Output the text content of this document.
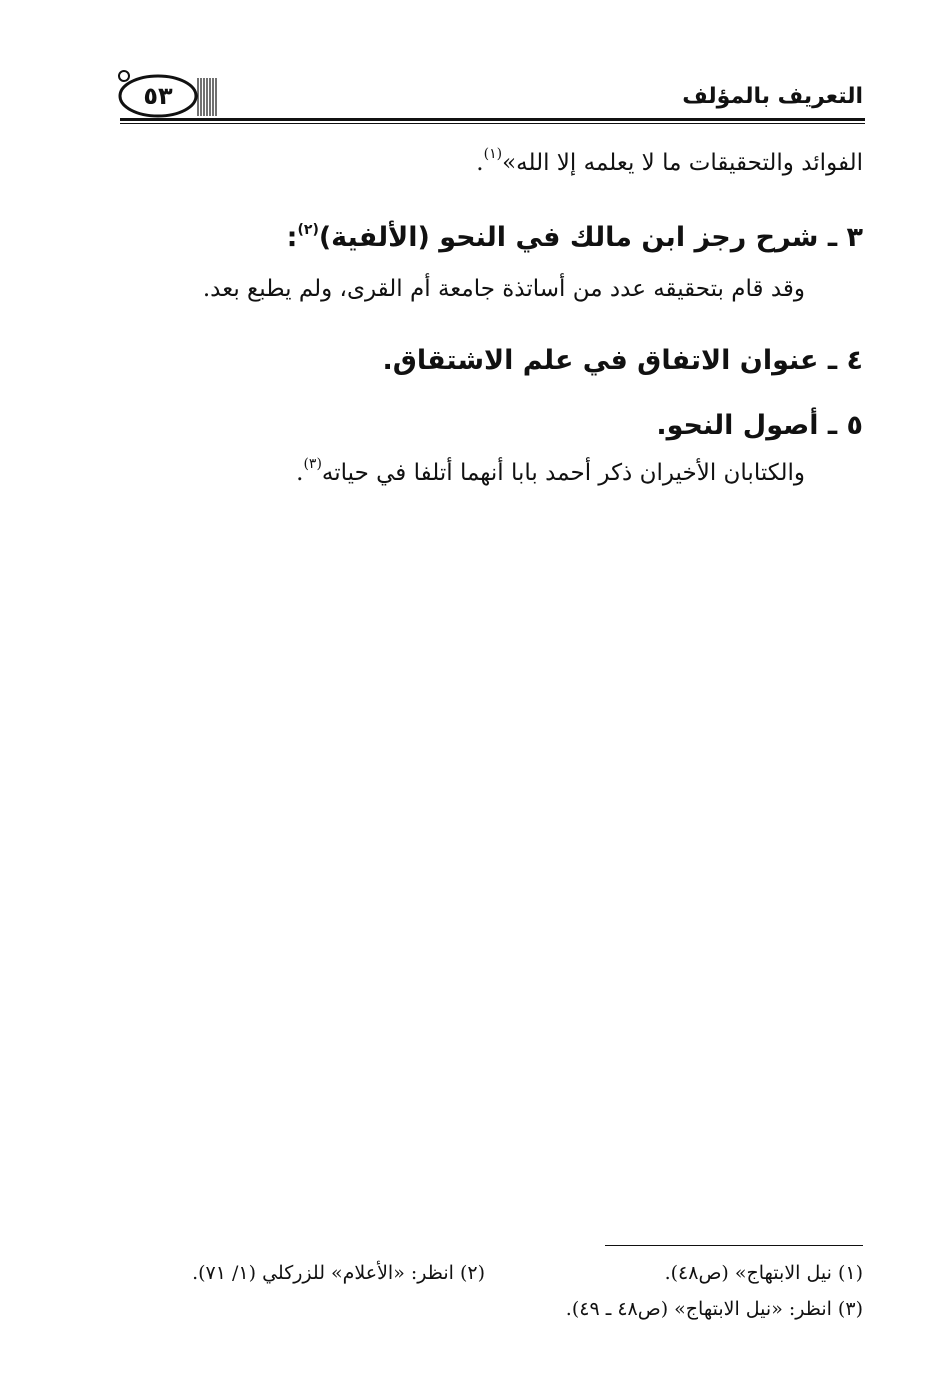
التعريف بالمؤلف
٥٣
الفوائد والتحقيقات ما لا يعلمه إلا الله»$^{(١)}$.
٣ ـ شرح رجز ابن مالك في النحو (الألفية)$^{(٢)}$:
وقد قام بتحقيقه عدد من أساتذة جامعة أم القرى، ولم يطبع بعد.
٤ ـ عنوان الاتفاق في علم الاشتقاق.
٥ ـ أصول النحو.
والكتابان الأخيران ذكر أحمد بابا أنهما أتلفا في حياته$^{(٣)}$.
(١) نيل الابتهاج» (ص٤٨).
(٢) انظر: «الأعلام» للزركلي (١/ ٧١).
(٣) انظر: «نيل الابتهاج» (ص٤٨ ـ ٤٩).
